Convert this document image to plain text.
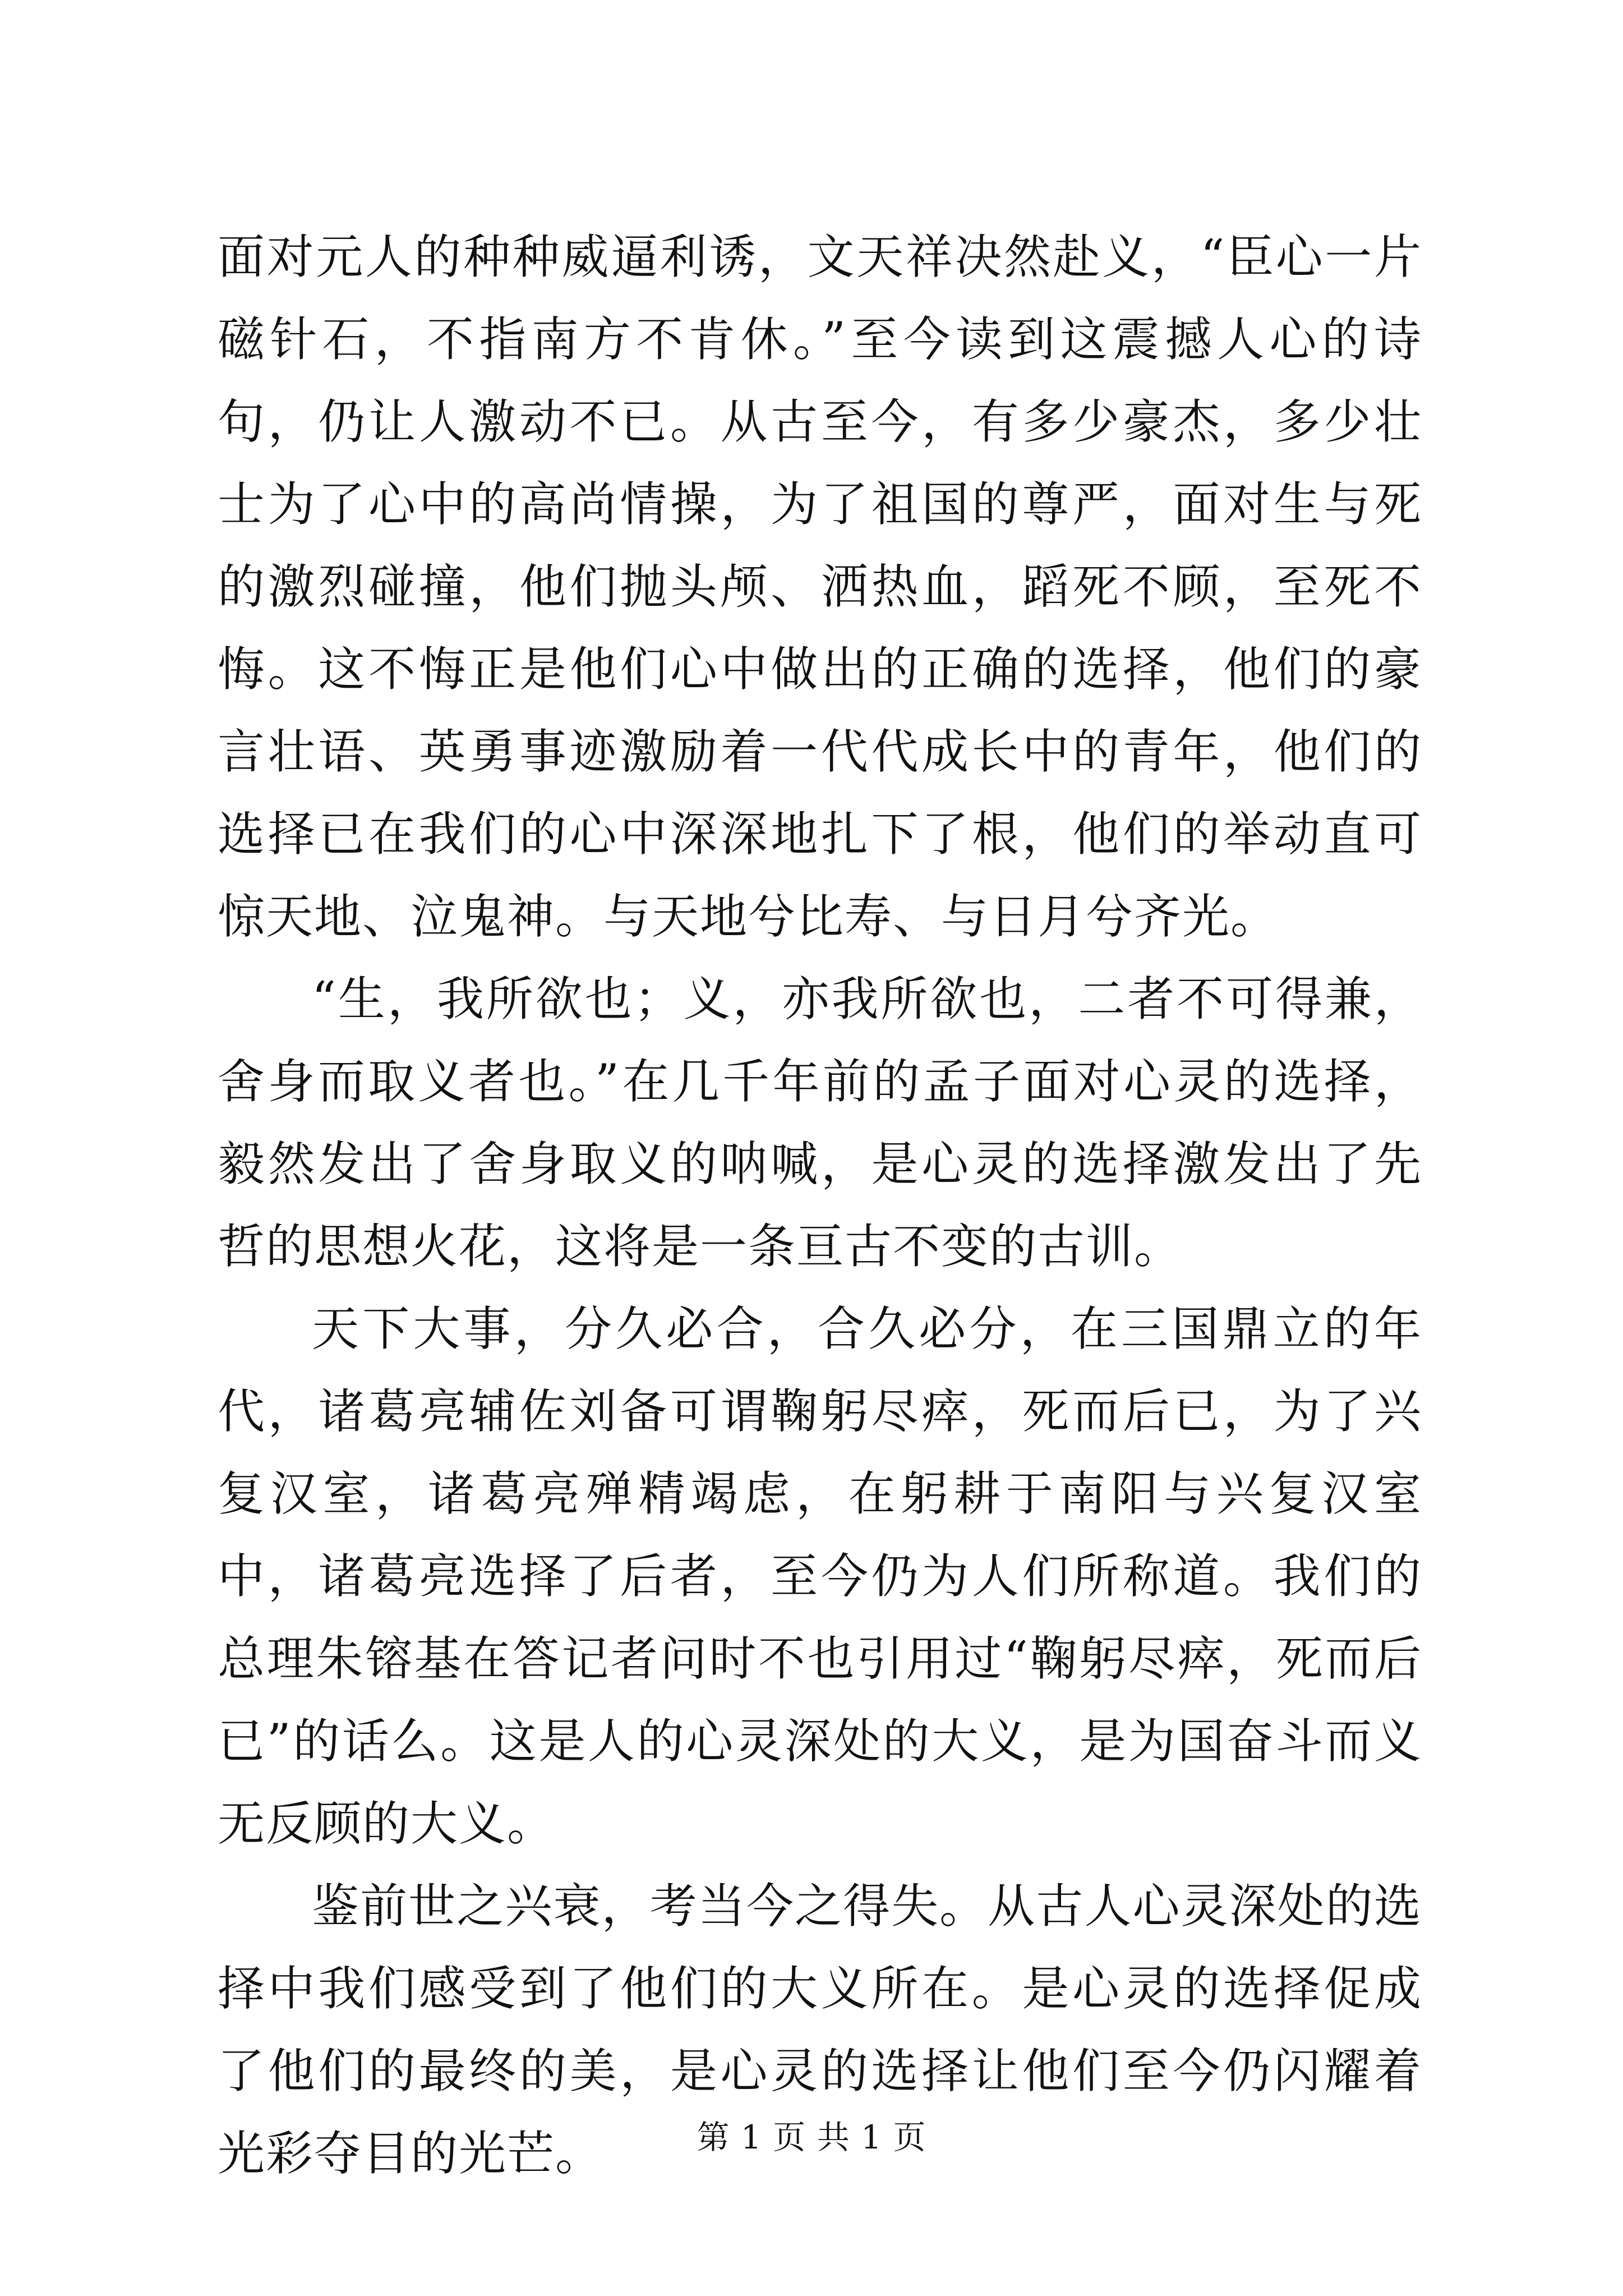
面对元人的种种威逼利诱，文天祥决然赴义，“臣心一片磁针石，不指南方不肯休。”至今读到这震撼人心的诗句，仍让人激动不已。从古至今，有多少豪杰，多少壮士为了心中的高尚情操，为了祖国的尊严，面对生与死的激烈碰撞，他们抛头颅、洒热血，蹈死不顾，至死不悔。这不悔正是他们心中做出的正确的选择，他们的豪言壮语、英勇事迹激励着一代代成长中的青年，他们的选择已在我们的心中深深地扎下了根，他们的举动直可惊天地、泣鬼神。与天地兮比寿、与日月兮齐光。

“生，我所欲也；义，亦我所欲也，二者不可得兼，舍身而取义者也。”在几千年前的孟子面对心灵的选择，毅然发出了舍身取义的呐喊，是心灵的选择激发出了先哲的思想火花，这将是一条亘古不变的古训。

天下大事，分久必合，合久必分，在三国鼎立的年代，诸葛亮辅佐刘备可谓鞠躬尽瘁，死而后已，为了兴复汉室，诸葛亮殚精竭虑，在躬耕于南阳与兴复汉室中，诸葛亮选择了后者，至今仍为人们所称道。我们的总理朱镕基在答记者问时不也引用过“鞠躬尽瘁，死而后已”的话么。这是人的心灵深处的大义，是为国奋斗而义无反顾的大义。

鉴前世之兴衰，考当今之得失。从古人心灵深处的选择中我们感受到了他们的大义所在。是心灵的选择促成了他们的最终的美，是心灵的选择让他们至今仍闪耀着光彩夺目的光芒。	第 1 页 共 1 页
